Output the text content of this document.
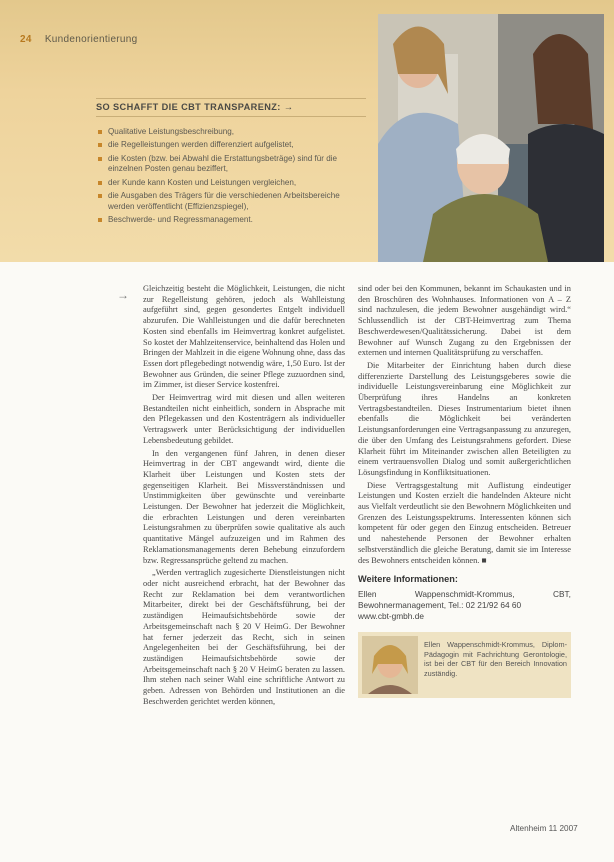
24 Kundenorientierung
SO SCHAFFT DIE CBT TRANSPARENZ: →
Qualitative Leistungsbeschreibung,
die Regelleistungen werden differenziert aufgelistet,
die Kosten (bzw. bei Abwahl die Erstattungsbeträge) sind für die einzelnen Posten genau beziffert,
der Kunde kann Kosten und Leistungen vergleichen,
die Ausgaben des Trägers für die verschiedenen Arbeitsbereiche werden veröffentlicht (Effizienzspiegel),
Beschwerde- und Regressmanagement.
→ Gleichzeitig besteht die Möglichkeit, Leistungen, die nicht zur Regelleistung gehören, jedoch als Wahlleistung aufgeführt sind, gegen gesondertes Entgelt individuell abzurufen. Die Wahlleistungen und die dafür berechneten Kosten sind ebenfalls im Heimvertrag konkret aufgelistet. So kostet der Mahlzeitenservice, beinhaltend das Holen und Bringen der Mahlzeit in die eigene Wohnung ohne, dass das Essen dort pflegebedingt notwendig wäre, 1,50 Euro. Ist der Bewohner aus Gründen, die seiner Pflege zuzuordnen sind, im Zimmer, ist dieser Service kostenfrei.

Der Heimvertrag wird mit diesen und allen weiteren Bestandteilen nicht einheitlich, sondern in Absprache mit den Pflegekassen und den Kostenträgern als individueller Vertragswerk unter Berücksichtigung der individuellen Lebensbedeutung gebildet.

In den vergangenen fünf Jahren, in denen dieser Heimvertrag in der CBT angewandt wird, diente die Klarheit über Leistungen und Kosten stets der gegenseitigen Klarheit. Bei Missverständnissen und Unstimmigkeiten über gewünschte und vereinbarte Leistungen. Der Bewohner hat jederzeit die Möglichkeit, die erbrachten Leistungen und deren vereinbarten Leistungsrahmen zu überprüfen sowie qualitative als auch quantitative Mängel aufzuzeigen und im Rahmen des Reklamationsmanagements deren Behebung einzufordern bzw. Regressansprüche geltend zu machen.

„Werden vertraglich zugesicherte Dienstleistungen nicht oder nicht ausreichend erbracht, hat der Bewohner das Recht zur Reklamation bei dem verantwortlichen Mitarbeiter, direkt bei der Geschäftsführung, bei der zuständigen Heimaufsichtsbehörde sowie der Arbeitsgemeinschaft nach § 20 V HeimG. Der Bewohner hat ferner jederzeit das Recht, sich in seinen Angelegenheiten bei der Geschäftsführung, bei der zuständigen Heimaufsichtsbehörde sowie der Arbeitsgemeinschaft nach § 20 V HeimG beraten zu lassen. Ihm stehen nach seiner Wahl eine schriftliche Antwort zu geben. Adressen von Behörden und Institutionen an die Beschwerden gerichtet werden können,

sind oder bei den Kommunen, bekannt im Schaukasten und in den Broschüren des Wohnhauses. Informationen von A – Z sind nachzulesen, die jedem Bewohner ausgehändigt wird.“ Schlussendlich ist der CBT-Heimvertrag zum Thema Beschwerdewesen/Qualitätssicherung. Dabei ist dem Bewohner auf Wunsch Zugang zu den Ergebnissen der externen und internen Qualitätsprüfung zu verschaffen.

Die Mitarbeiter der Einrichtung haben durch diese differenzierte Darstellung des Leistungsgeberes sowie die individuelle Leistungsvereinbarung eine Möglichkeit zur Überprüfung ihres Handelns an konkreten Vertragsbestandteilen. Dieses Instrumentarium bietet ihnen ebenfalls die Möglichkeit bei veränderten Leistungsanforderungen eine Vertragsanpassung zu anzuregen, die über den Umfang des Leistungsrahmens gefordert. Diese Klarheit führt im Miteinander zwischen allen Beteiligten zu einem vertrauensvollen Dialog und somit außergerichtlichen Lösungsfindung in Konfliktsituationen.

Diese Vertragsgestaltung mit Auflistung eindeutiger Leistungen und Kosten erzielt die handelnden Akteure nicht aus Vielfalt verdeutlicht sie den Bewohnern Möglichkeiten und Grenzen des Leistungsspektrums. Interessenten können sich kompetent für oder gegen den Einzug entscheiden. Betreuer und nahestehende Personen der Bewohner erhalten selbstverständlich die gleiche Beratung, damit sie im Interesse des Bewohners entscheiden können. ■

Weitere Informationen:
Ellen Wappenschmidt-Krommus, CBT, Bewohnermanagement, Tel.: 02 21/92 64 60
www.cbt-gmbh.de
Ellen Wappenschmidt-Krommus, Diplom-Pädagogin mit Fachrichtung Gerontologie, ist bei der CBT für den Bereich Innovation zuständig.
Altenheim 11 2007
